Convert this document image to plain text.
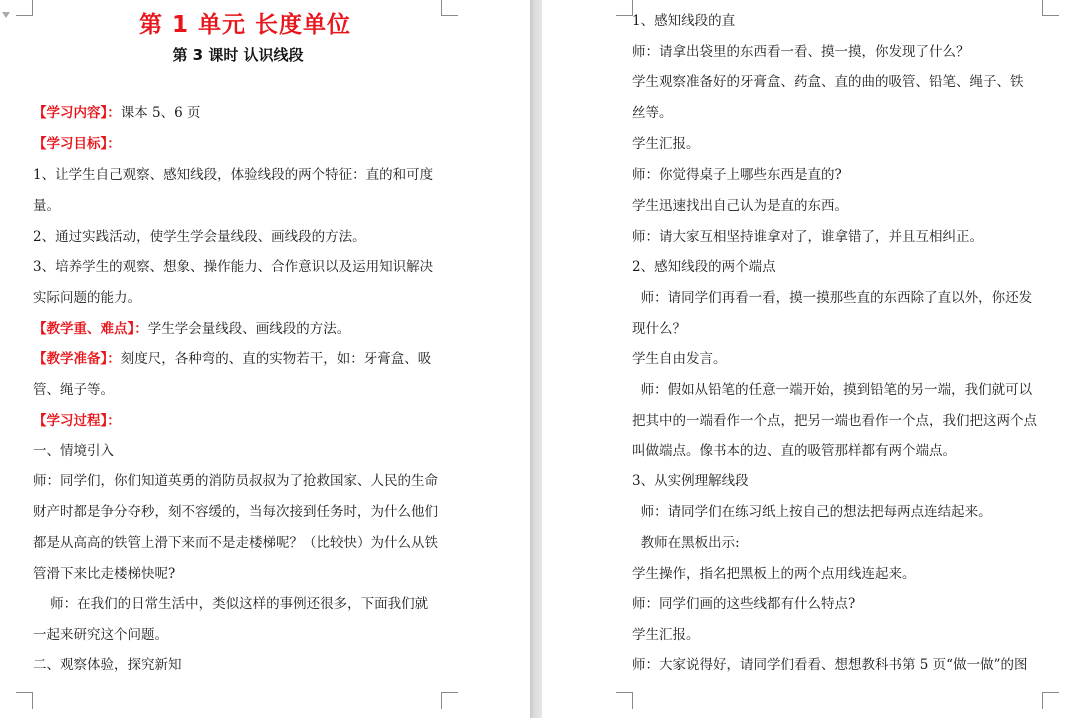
第 1 单元 长度单位
第 3 课时 认识线段

【学习内容】：课本 5、6 页

【学习目标】：

1、让学生自己观察、感知线段，体验线段的两个特征：直的和可度

量。

2、通过实践活动，使学生学会量线段、画线段的方法。

3、培养学生的观察、想象、操作能力、合作意识以及运用知识解决

实际问题的能力。

【教学重、难点】：学生学会量线段、画线段的方法。

【教学准备】：刻度尺，各种弯的、直的实物若干，如：牙膏盒、吸

管、绳子等。

【学习过程】：

一、情境引入

师：同学们，你们知道英勇的消防员叔叔为了抢救国家、人民的生命

财产时都是争分夺秒，刻不容缓的，当每次接到任务时，为什么他们

都是从高高的铁管上滑下来而不是走楼梯呢？（比较快）为什么从铁

管滑下来比走楼梯快呢?

师：在我们的日常生活中，类似这样的事例还很多，下面我们就

一起来研究这个问题。

二、观察体验，探究新知

1、感知线段的直

师：请拿出袋里的东西看一看、摸一摸，你发现了什么？

学生观察准备好的牙膏盒、药盒、直的曲的吸管、铅笔、绳子、铁

丝等。

学生汇报。

师：你觉得桌子上哪些东西是直的?

学生迅速找出自己认为是直的东西。

师：请大家互相坚持谁拿对了，谁拿错了，并且互相纠正。

2、感知线段的两个端点

师：请同学们再看一看，摸一摸那些直的东西除了直以外，你还发

现什么？

学生自由发言。

师：假如从铅笔的任意一端开始，摸到铅笔的另一端，我们就可以

把其中的一端看作一个点，把另一端也看作一个点，我们把这两个点

叫做端点。像书本的边、直的吸管那样都有两个端点。

3、从实例理解线段

师：请同学们在练习纸上按自己的想法把每两点连结起来。

教师在黑板出示:

学生操作，指名把黑板上的两个点用线连起来。

师：同学们画的这些线都有什么特点?

学生汇报。

师：大家说得好，请同学们看看、想想教科书第 5 页“做一做”的图
